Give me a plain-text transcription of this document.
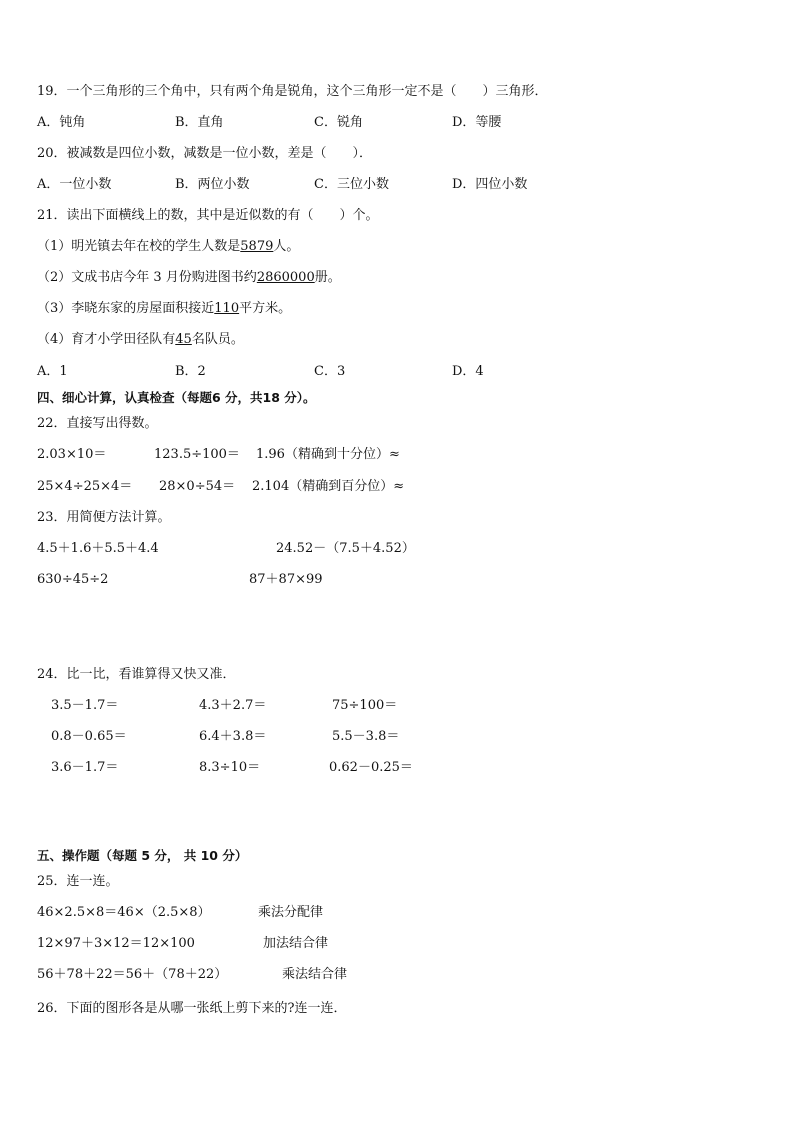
19．一个三角形的三个角中，只有两个角是锐角，这个三角形一定不是（　　）三角形．
A．钝角	B．直角	C．锐角	D．等腰
20．被减数是四位小数，减数是一位小数，差是（　　）．
A．一位小数	B．两位小数	C．三位小数	D．四位小数
21．读出下面横线上的数，其中是近似数的有（　　）个。
（1）明光镇去年在校的学生人数是5879人。
（2）文成书店今年 3 月份购进图书约2860000册。
（3）李晓东家的房屋面积接近110平方米。
（4）育才小学田径队有45名队员。
A．1	B．2	C．3	D．4
四、细心计算，认真检查（每题6 分，共18 分）。
22．直接写出得数。
2.03×10＝	123.5÷100＝ 1.96（精确到十分位）≈
25×4÷25×4＝ 28×0÷54＝ 2.104（精确到百分位）≈
23．用简便方法计算。
4.5＋1.6＋5.5＋4.4	24.52－（7.5＋4.52）
630÷45÷2	87＋87×99
24．比一比，看谁算得又快又准．
3.5－1.7＝	4.3＋2.7＝	75÷100＝
0.8－0.65＝	6.4＋3.8＝	5.5－3.8＝
3.6－1.7＝	8.3÷10＝	0.62－0.25＝
五、操作题（每题 5 分， 共 10 分）
25．连一连。
46×2.5×8＝46×（2.5×8）	乘法分配律
12×97＋3×12＝12×100	加法结合律
56＋78＋22＝56＋（78＋22）	乘法结合律
26．下面的图形各是从哪一张纸上剪下来的?连一连．
